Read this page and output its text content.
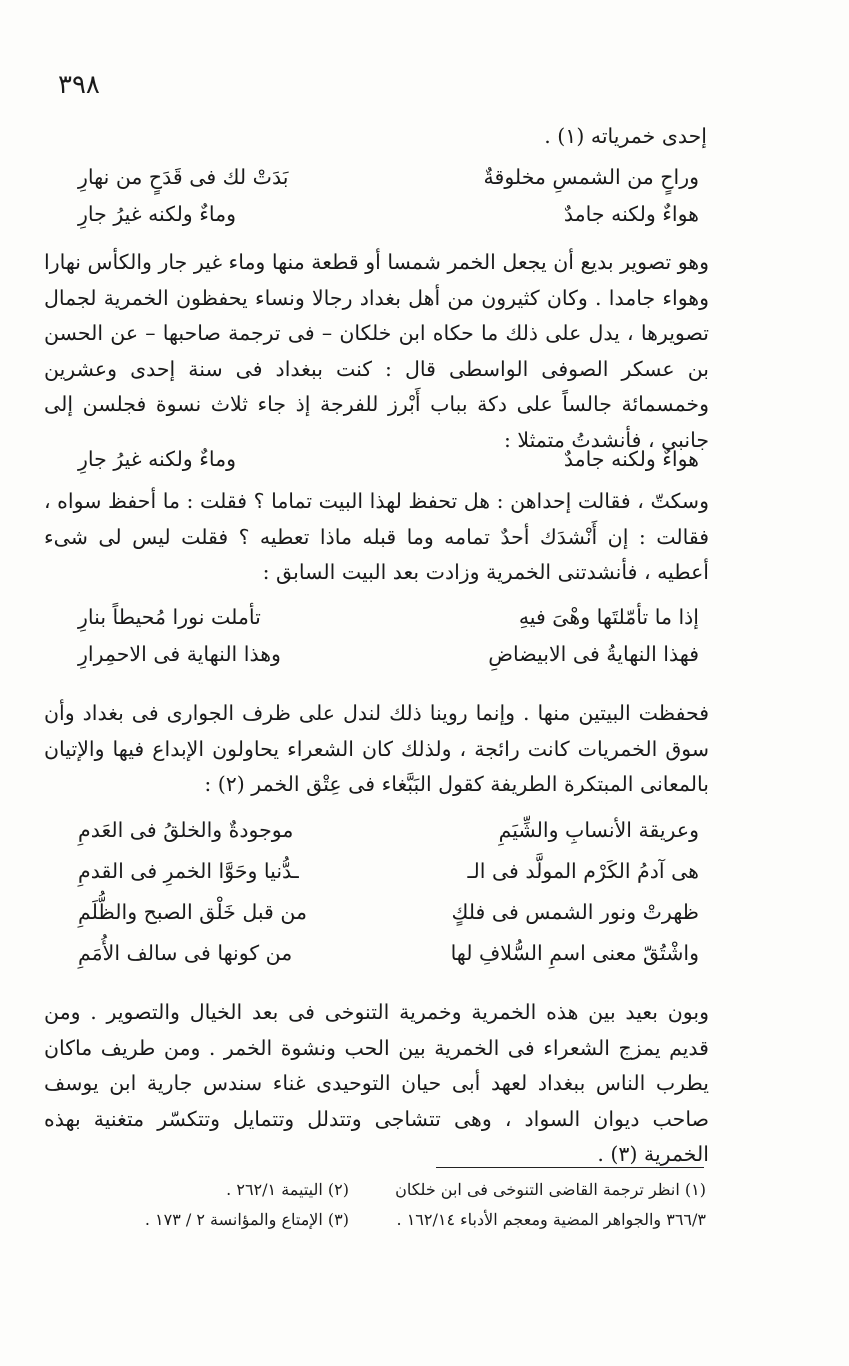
٣٩٨
إحدى خمرياته (١) .
وراحٍ من الشمسِ مخلوقةٌ
بَدَتْ لك فى قَدَحٍ من نهارِ
هواءٌ ولكنه جامدٌ
وماءٌ ولكنه غيرُ جارِ
وهو تصوير بديع أن يجعل الخمر شمسا أو قطعة منها وماء غير جار والكأس نهارا وهواء جامدا . وكان كثيرون من أهل بغداد رجالا ونساء يحفظون الخمرية لجمال تصويرها ، يدل على ذلك ما حكاه ابن خلكان – فى ترجمة صاحبها – عن الحسن بن عسكر الصوفى الواسطى قال : كنت ببغداد فى سنة إحدى وعشرين وخمسمائة جالساً على دكة بباب أَبْرز للفرجة إذ جاء ثلاث نسوة فجلسن إلى جانبى ، فأنشدتُ متمثلا :
هواءٌ ولكنه جامدٌ
وماءٌ ولكنه غيرُ جارِ
وسكتّ ، فقالت إحداهن : هل تحفظ لهذا البيت تماما ؟ فقلت : ما أحفظ سواه ، فقالت : إن أَنْشدَك أحدٌ تمامه وما قبله ماذا تعطيه ؟ فقلت ليس لى شىء أعطيه ، فأنشدتنى الخمرية وزادت بعد البيت السابق :
إذا ما تأمّلتَها وهْىَ فيهِ
تأملت نورا مُحيطاً بنارِ
فهذا النهايةُ فى الابيضاضِ
وهذا النهاية فى الاحمِرارِ
فحفظت البيتين منها . وإنما روينا ذلك لندل على ظرف الجوارى فى بغداد وأن سوق الخمريات كانت رائجة ، ولذلك كان الشعراء يحاولون الإبداع فيها والإتيان بالمعانى المبتكرة الطريفة كقول البَبَّغاء فى عِتْق الخمر (٢) :
وعريقة الأنسابِ والشِّيَمِ
موجودةٌ والخلقُ فى العَدمِ
هى آدمُ الكَرْم المولَّد فى الـ
ـدُّنيا وحَوَّا الخمرِ فى القدمِ
ظهرتْ ونور الشمس فى فلكٍ
من قبل خَلْق الصبح والظُّلَمِ
واشْتُقّ معنى اسمِ السُّلافِ لها
من كونها فى سالف الأُمَمِ
وبون بعيد بين هذه الخمرية وخمرية التنوخى فى بعد الخيال والتصوير . ومن قديم يمزج الشعراء فى الخمرية بين الحب ونشوة الخمر . ومن طريف ماكان يطرب الناس ببغداد لعهد أبى حيان التوحيدى غناء سندس جارية ابن يوسف صاحب ديوان السواد ، وهى تتشاجى وتتدلل وتتمايل وتتكسّر متغنية بهذه الخمرية (٣) .
(١) انظر ترجمة القاضى التنوخى فى ابن خلكان
(٢) اليتيمة ٢٦٢/١ .
٣٦٦/٣ والجواهر المضية ومعجم الأدباء ١٦٢/١٤ .
(٣) الإمتاع والمؤانسة ٢ / ١٧٣ .
